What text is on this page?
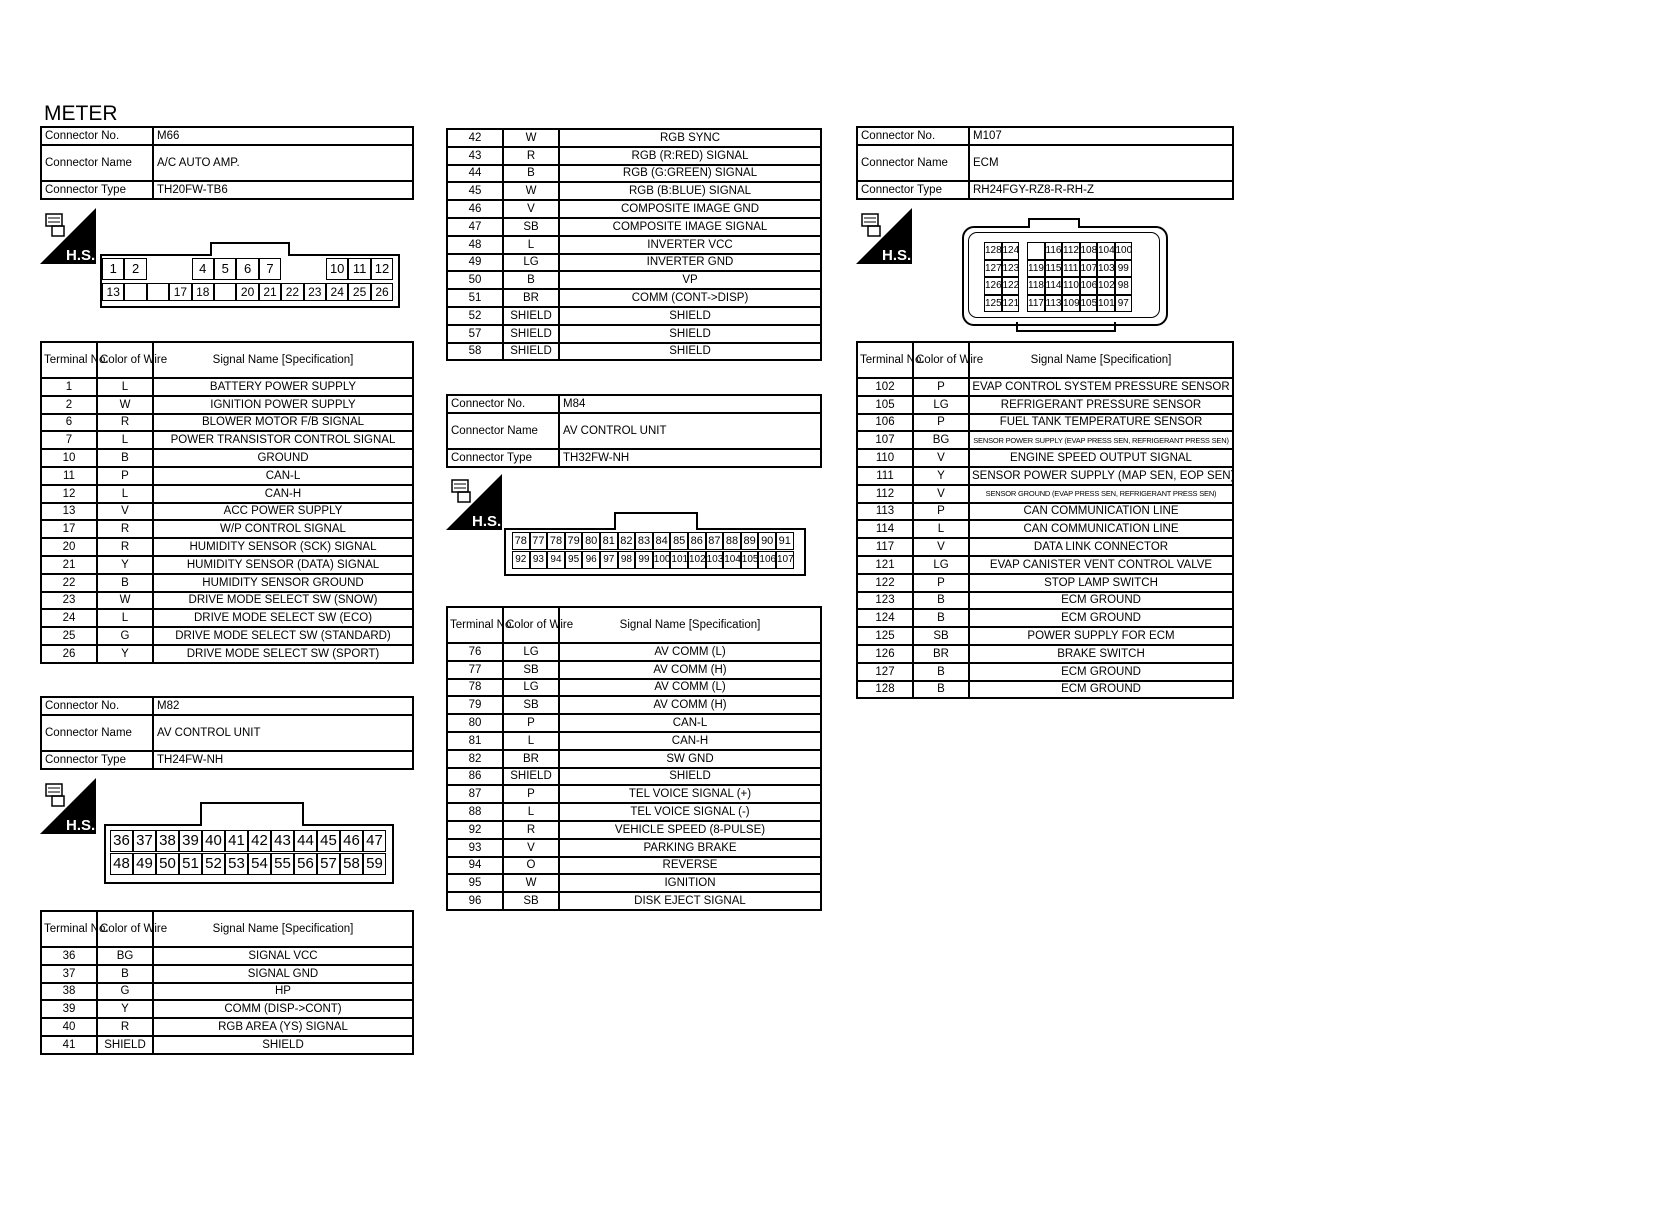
METER
Connector No.	M66
Connector Name	A/C AUTO AMP.
Connector Type	TH20FW-TB6
H.S.
1	2	4	5	6	7	10 11 12
13	17 18	20 21 22 23 24 25 26
Terminal No.	Color of Wire	Signal Name [Specification]
1	L	BATTERY POWER SUPPLY
2	W	IGNITION POWER SUPPLY
6	R	BLOWER MOTOR F/B SIGNAL
7	L	POWER TRANSISTOR CONTROL SIGNAL
10	B	GROUND
11	P	CAN-L
12	L	CAN-H
13	V	ACC POWER SUPPLY
17	R	W/P CONTROL SIGNAL
20	R	HUMIDITY SENSOR (SCK) SIGNAL
21	Y	HUMIDITY SENSOR (DATA) SIGNAL
22	B	HUMIDITY SENSOR GROUND
23	W	DRIVE MODE SELECT SW (SNOW)
24	L	DRIVE MODE SELECT SW (ECO)
25	G	DRIVE MODE SELECT SW (STANDARD)
26	Y	DRIVE MODE SELECT SW (SPORT)
Connector No.	M82
Connector Name	AV CONTROL UNIT
Connector Type	TH24FW-NH
H.S.
36 37 38 39 40 41 42 43 44 45 46 47
48 49 50 51 52 53 54 55 56 57 58 59
Terminal No.	Color of Wire	Signal Name [Specification]
36	BG	SIGNAL VCC
37	B	SIGNAL GND
38	G	HP
39	Y	COMM (DISP->CONT)
40	R	RGB AREA (YS) SIGNAL
41	SHIELD	SHIELD
42	W	RGB SYNC
43	R	RGB (R:RED) SIGNAL
44	B	RGB (G:GREEN) SIGNAL
45	W	RGB (B:BLUE) SIGNAL
46	V	COMPOSITE IMAGE GND
47	SB	COMPOSITE IMAGE SIGNAL
48	L	INVERTER VCC
49	LG	INVERTER GND
50	B	VP
51	BR	COMM (CONT->DISP)
52	SHIELD	SHIELD
57	SHIELD	SHIELD
58	SHIELD	SHIELD
Connector No.	M84
Connector Name	AV CONTROL UNIT
Connector Type	TH32FW-NH
H.S.
78 77 78 79 80 81 82 83 84 85 86 87 88 89 90 91
92 93 94 95 96 97 98 99 100 101 102 103 104 105 106 107
Terminal No.	Color of Wire	Signal Name [Specification]
76	LG	AV COMM (L)
77	SB	AV COMM (H)
78	LG	AV COMM (L)
79	SB	AV COMM (H)
80	P	CAN-L
81	L	CAN-H
82	BR	SW GND
86	SHIELD	SHIELD
87	P	TEL VOICE SIGNAL (+)
88	L	TEL VOICE SIGNAL (-)
92	R	VEHICLE SPEED (8-PULSE)
93	V	PARKING BRAKE
94	O	REVERSE
95	W	IGNITION
96	SB	DISK EJECT SIGNAL
Connector No.	M107
Connector Name	ECM
Connector Type	RH24FGY-RZ8-R-RH-Z
H.S.	128 124	116 112 108 104 100
127 123 119 115 111 107 103 99
126 122 118 114 110 106 102 98
125 121 117 113 109 105 101 97
Terminal No.	Color of Wire	Signal Name [Specification]
102	P	EVAP CONTROL SYSTEM PRESSURE SENSOR
105	LG	REFRIGERANT PRESSURE SENSOR
106	P	FUEL TANK TEMPERATURE SENSOR
107	BG	SENSOR POWER SUPPLY (EVAP PRESS SEN, REFRIGERANT PRESS SEN)
110	V	ENGINE SPEED OUTPUT SIGNAL
111	Y	SENSOR POWER SUPPLY (MAP SEN, EOP SEN)
112	V	SENSOR GROUND (EVAP PRESS SEN, REFRIGERANT PRESS SEN)
113	P	CAN COMMUNICATION LINE
114	L	CAN COMMUNICATION LINE
117	V	DATA LINK CONNECTOR
121	LG	EVAP CANISTER VENT CONTROL VALVE
122	P	STOP LAMP SWITCH
123	B	ECM GROUND
124	B	ECM GROUND
125	SB	POWER SUPPLY FOR ECM
126	BR	BRAKE SWITCH
127	B	ECM GROUND
128	B	ECM GROUND
